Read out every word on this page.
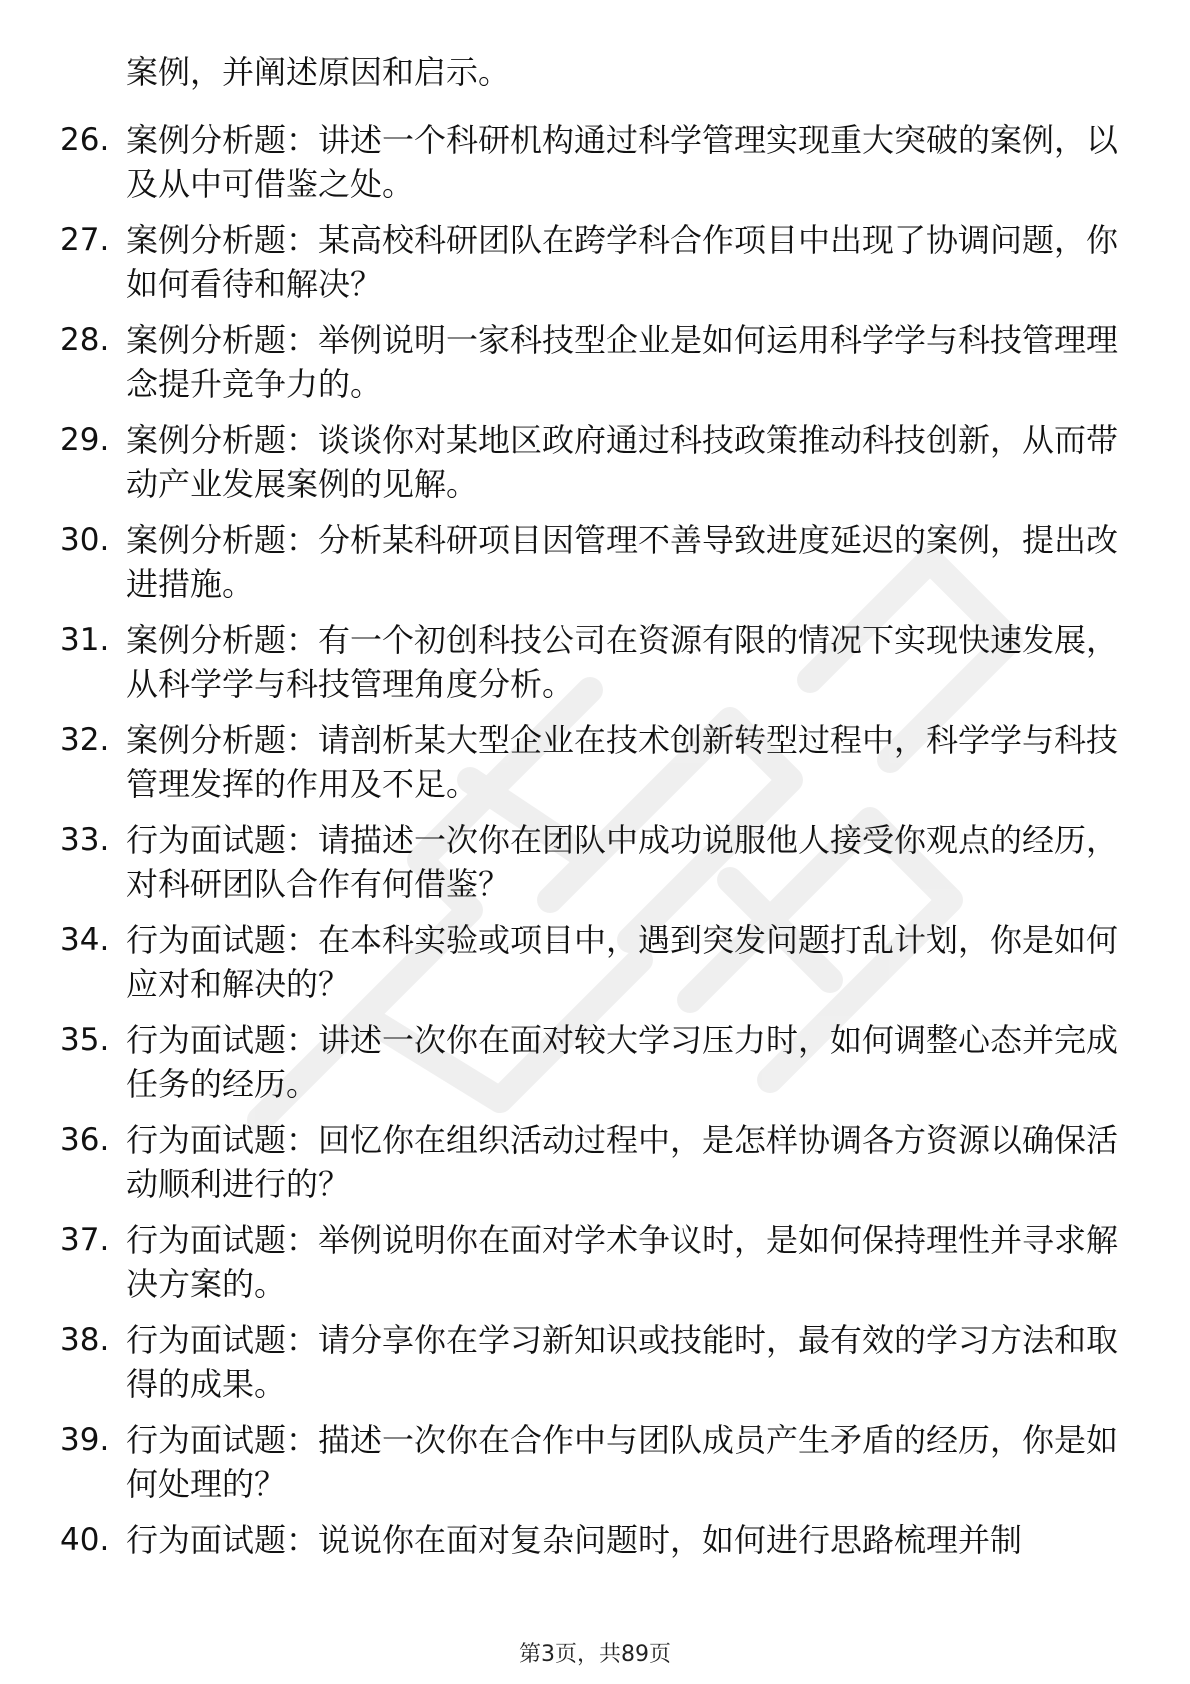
案例，并阐述原因和启示。
26. 案例分析题：讲述一个科研机构通过科学管理实现重大突破的案例，以及从中可借鉴之处。
27. 案例分析题：某高校科研团队在跨学科合作项目中出现了协调问题，你如何看待和解决？
28. 案例分析题：举例说明一家科技型企业是如何运用科学学与科技管理理念提升竞争力的。
29. 案例分析题：谈谈你对某地区政府通过科技政策推动科技创新，从而带动产业发展案例的见解。
30. 案例分析题：分析某科研项目因管理不善导致进度延迟的案例，提出改进措施。
31. 案例分析题：有一个初创科技公司在资源有限的情况下实现快速发展，从科学学与科技管理角度分析。
32. 案例分析题：请剖析某大型企业在技术创新转型过程中，科学学与科技管理发挥的作用及不足。
33. 行为面试题：请描述一次你在团队中成功说服他人接受你观点的经历，对科研团队合作有何借鉴？
34. 行为面试题：在本科实验或项目中，遇到突发问题打乱计划，你是如何应对和解决的？
35. 行为面试题：讲述一次你在面对较大学习压力时，如何调整心态并完成任务的经历。
36. 行为面试题：回忆你在组织活动过程中，是怎样协调各方资源以确保活动顺利进行的？
37. 行为面试题：举例说明你在面对学术争议时，是如何保持理性并寻求解决方案的。
38. 行为面试题：请分享你在学习新知识或技能时，最有效的学习方法和取得的成果。
39. 行为面试题：描述一次你在合作中与团队成员产生矛盾的经历，你是如何处理的？
40. 行为面试题：说说你在面对复杂问题时，如何进行思路梳理并制
第3页，共89页
